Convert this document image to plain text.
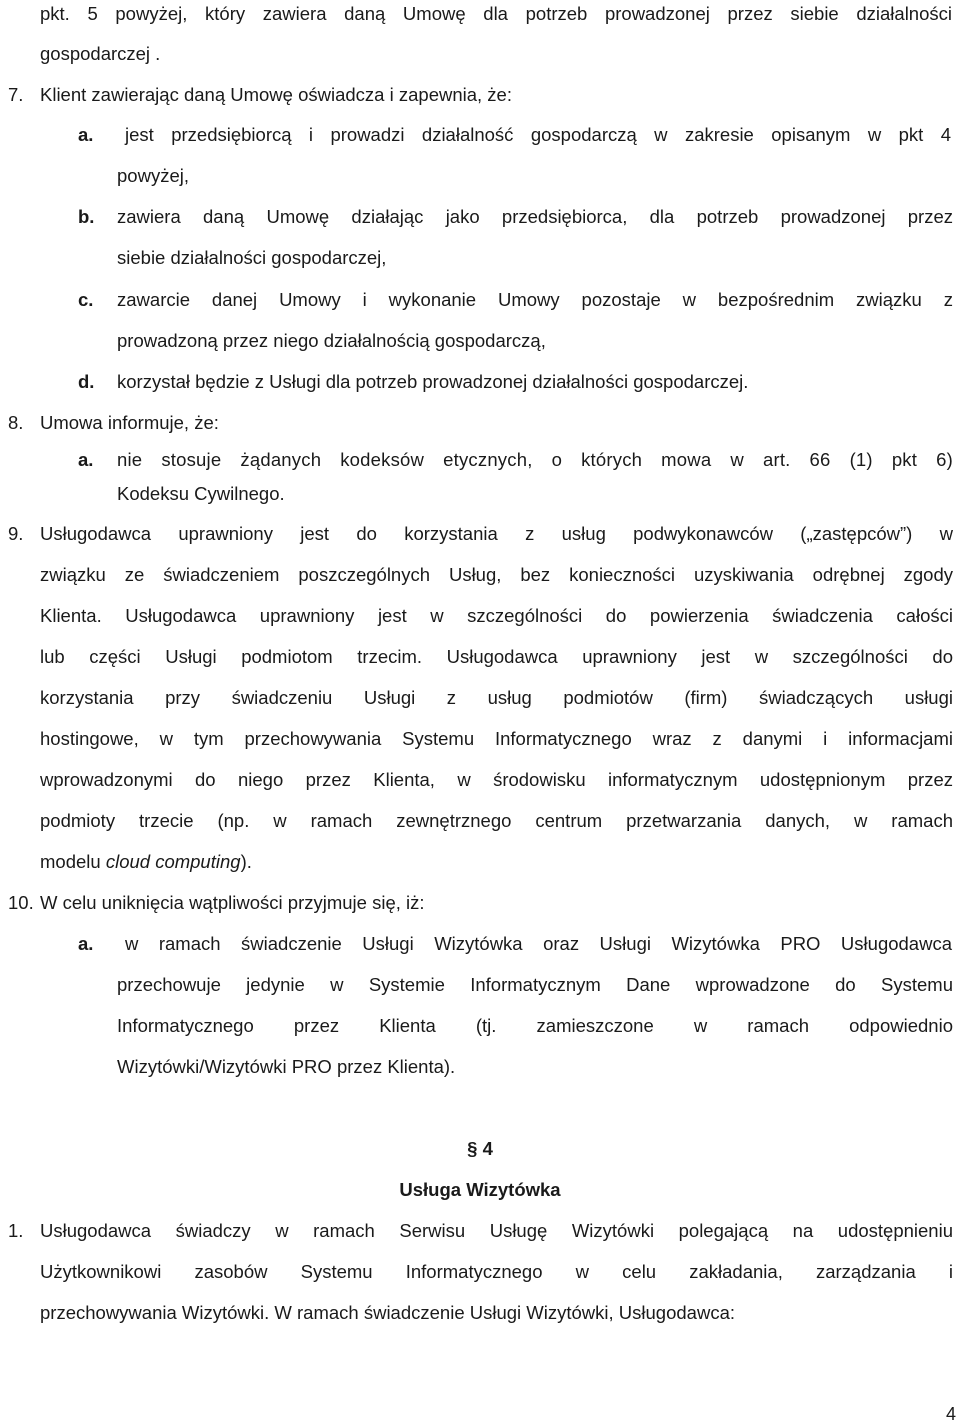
pkt. 5 powyżej, który zawiera daną Umowę dla potrzeb prowadzonej przez siebie działalności
gospodarczej .
7. Klient zawierając daną Umowę oświadcza i zapewnia, że:
a. jest przedsiębiorcą i prowadzi działalność gospodarczą w zakresie opisanym w pkt 4
powyżej,
b. zawiera daną Umowę działając jako przedsiębiorca, dla potrzeb prowadzonej przez
siebie działalności gospodarczej,
c. zawarcie danej Umowy i wykonanie Umowy pozostaje w bezpośrednim związku z
prowadzoną przez niego działalnością gospodarczą,
d. korzystał będzie z Usługi dla potrzeb prowadzonej działalności gospodarczej.
8. Umowa informuje, że:
a. nie stosuje żądanych kodeksów etycznych, o których mowa w art. 66 (1) pkt 6)
Kodeksu Cywilnego.
9. Usługodawca uprawniony jest do korzystania z usług podwykonawców („zastępców”) w
związku ze świadczeniem poszczególnych Usług, bez konieczności uzyskiwania odrębnej zgody
Klienta. Usługodawca uprawniony jest w szczególności do powierzenia świadczenia całości
lub części Usługi podmiotom trzecim. Usługodawca uprawniony jest w szczególności do
korzystania przy świadczeniu Usługi z usług podmiotów (firm) świadczących usługi
hostingowe, w tym przechowywania Systemu Informatycznego wraz z danymi i informacjami
wprowadzonymi do niego przez Klienta, w środowisku informatycznym udostępnionym przez
podmioty trzecie (np. w ramach zewnętrznego centrum przetwarzania danych, w ramach
modelu cloud computing).
10. W celu uniknięcia wątpliwości przyjmuje się, iż:
a. w ramach świadczenie Usługi Wizytówka oraz Usługi Wizytówka PRO Usługodawca
przechowuje jedynie w Systemie Informatycznym Dane wprowadzone do Systemu
Informatycznego przez Klienta (tj. zamieszczone w ramach odpowiednio
Wizytówki/Wizytówki PRO przez Klienta).
§ 4
Usługa Wizytówka
1. Usługodawca świadczy w ramach Serwisu Usługę Wizytówki polegającą na udostępnieniu
Użytkownikowi zasobów Systemu Informatycznego w celu zakładania, zarządzania i
przechowywania Wizytówki. W ramach świadczenie Usługi Wizytówki, Usługodawca:
4
